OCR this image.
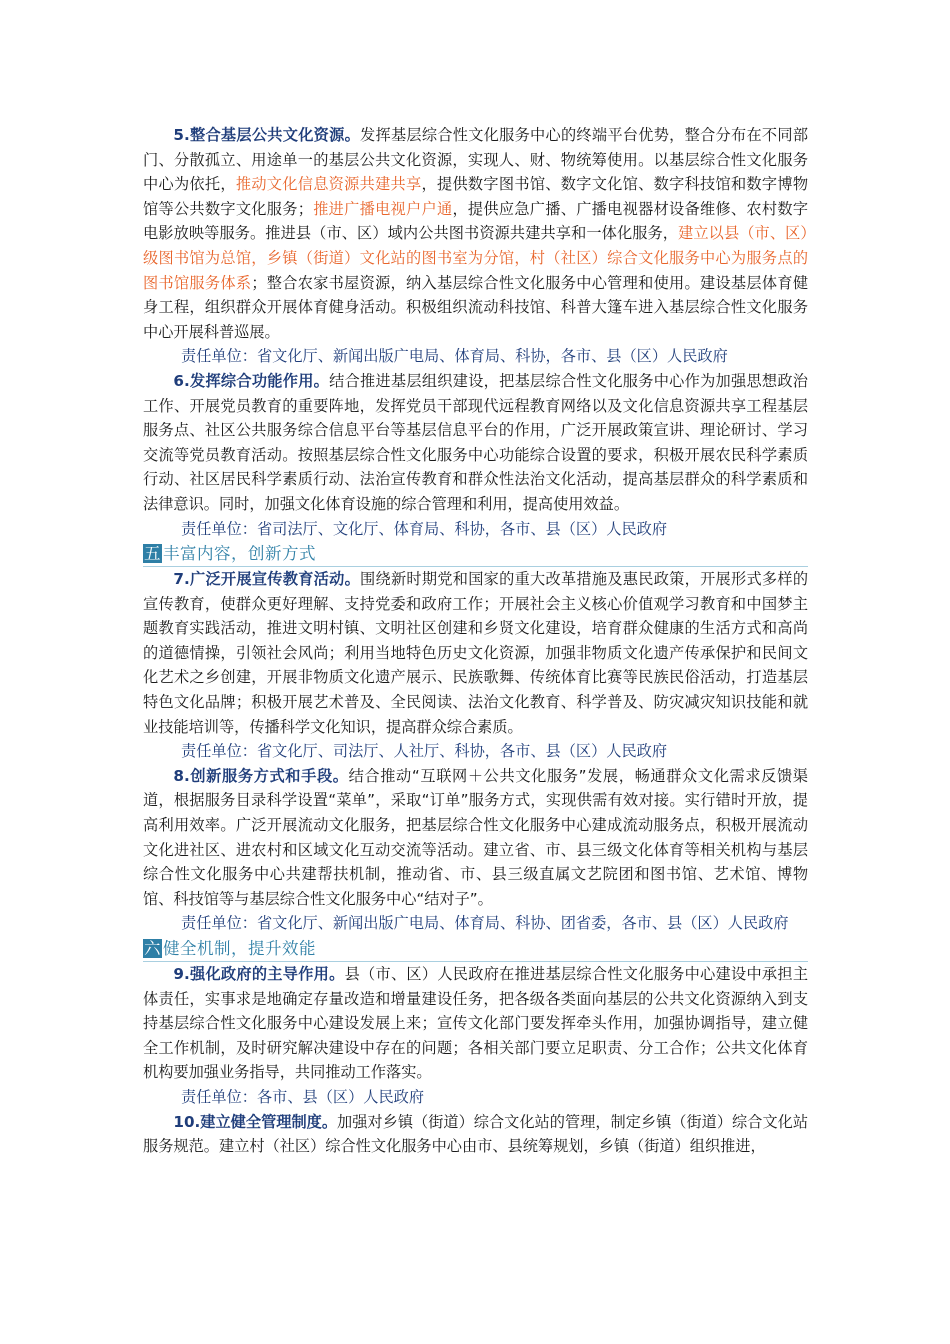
5.整合基层公共文化资源。发挥基层综合性文化服务中心的终端平台优势，整合分布在不同部门、分散孤立、用途单一的基层公共文化资源，实现人、财、物统筹使用。以基层综合性文化服务中心为依托，推动文化信息资源共建共享，提供数字图书馆、数字文化馆、数字科技馆和数字博物馆等公共数字文化服务；推进广播电视户户通，提供应急广播、广播电视器材设备维修、农村数字电影放映等服务。推进县（市、区）域内公共图书资源共建共享和一体化服务，建立以县（市、区）级图书馆为总馆，乡镇（街道）文化站的图书室为分馆，村（社区）综合文化服务中心为服务点的图书馆服务体系；整合农家书屋资源，纳入基层综合性文化服务中心管理和使用。建设基层体育健身工程，组织群众开展体育健身活动。积极组织流动科技馆、科普大篷车进入基层综合性文化服务中心开展科普巡展。

责任单位：省文化厅、新闻出版广电局、体育局、科协，各市、县（区）人民政府

6.发挥综合功能作用。结合推进基层组织建设，把基层综合性文化服务中心作为加强思想政治工作、开展党员教育的重要阵地，发挥党员干部现代远程教育网络以及文化信息资源共享工程基层服务点、社区公共服务综合信息平台等基层信息平台的作用，广泛开展政策宣讲、理论研讨、学习交流等党员教育活动。按照基层综合性文化服务中心功能综合设置的要求，积极开展农民科学素质行动、社区居民科学素质行动、法治宣传教育和群众性法治文化活动，提高基层群众的科学素质和法律意识。同时，加强文化体育设施的综合管理和利用，提高使用效益。

责任单位：省司法厅、文化厅、体育局、科协，各市、县（区）人民政府

五 丰富内容，创新方式

7.广泛开展宣传教育活动。围绕新时期党和国家的重大改革措施及惠民政策，开展形式多样的宣传教育，使群众更好理解、支持党委和政府工作；开展社会主义核心价值观学习教育和中国梦主题教育实践活动，推进文明村镇、文明社区创建和乡贤文化建设，培育群众健康的生活方式和高尚的道德情操，引领社会风尚；利用当地特色历史文化资源，加强非物质文化遗产传承保护和民间文化艺术之乡创建，开展非物质文化遗产展示、民族歌舞、传统体育比赛等民族民俗活动，打造基层特色文化品牌；积极开展艺术普及、全民阅读、法治文化教育、科学普及、防灾减灾知识技能和就业技能培训等，传播科学文化知识，提高群众综合素质。

责任单位：省文化厅、司法厅、人社厅、科协，各市、县（区）人民政府

8.创新服务方式和手段。结合推动“互联网＋公共文化服务”发展，畅通群众文化需求反馈渠道，根据服务目录科学设置“菜单”，采取“订单”服务方式，实现供需有效对接。实行错时开放，提高利用效率。广泛开展流动文化服务，把基层综合性文化服务中心建成流动服务点，积极开展流动文化进社区、进农村和区域文化互动交流等活动。建立省、市、县三级文化体育等相关机构与基层综合性文化服务中心共建帮扶机制，推动省、市、县三级直属文艺院团和图书馆、艺术馆、博物馆、科技馆等与基层综合性文化服务中心“结对子”。

责任单位：省文化厅、新闻出版广电局、体育局、科协、团省委，各市、县（区）人民政府

六 健全机制，提升效能

9.强化政府的主导作用。县（市、区）人民政府在推进基层综合性文化服务中心建设中承担主体责任，实事求是地确定存量改造和增量建设任务，把各级各类面向基层的公共文化资源纳入到支持基层综合性文化服务中心建设发展上来；宣传文化部门要发挥牵头作用，加强协调指导，建立健全工作机制，及时研究解决建设中存在的问题；各相关部门要立足职责、分工合作；公共文化体育机构要加强业务指导，共同推动工作落实。

责任单位：各市、县（区）人民政府

10.建立健全管理制度。加强对乡镇（街道）综合文化站的管理，制定乡镇（街道）综合文化站服务规范。建立村（社区）综合性文化服务中心由市、县统筹规划，乡镇（街道）组织推进，
